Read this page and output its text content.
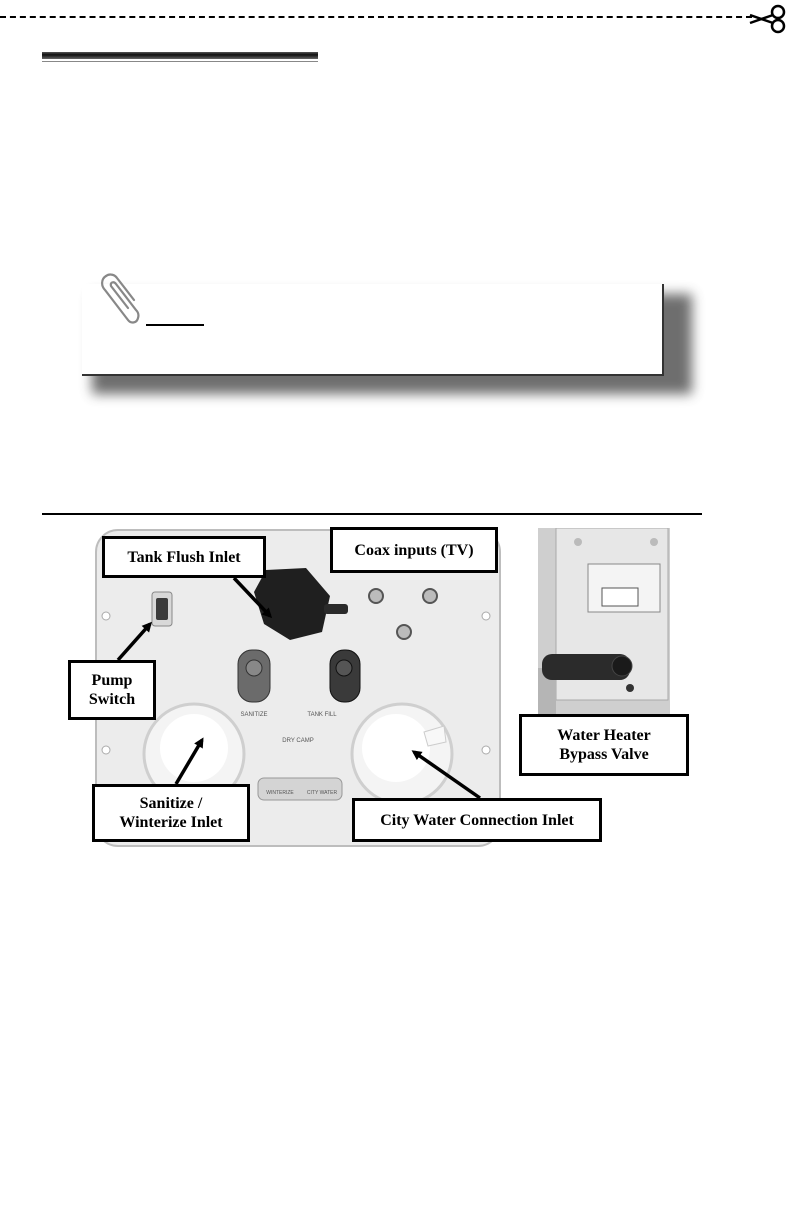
SANITIZE	TANK FILL
DRY CAMP
WINTERIZE	CITY WATER
Tank Flush Inlet	Coax inputs (TV)
Pump
Switch
Sanitize /
Winterize Inlet	City Water Connection Inlet
Water Heater
Bypass Valve
